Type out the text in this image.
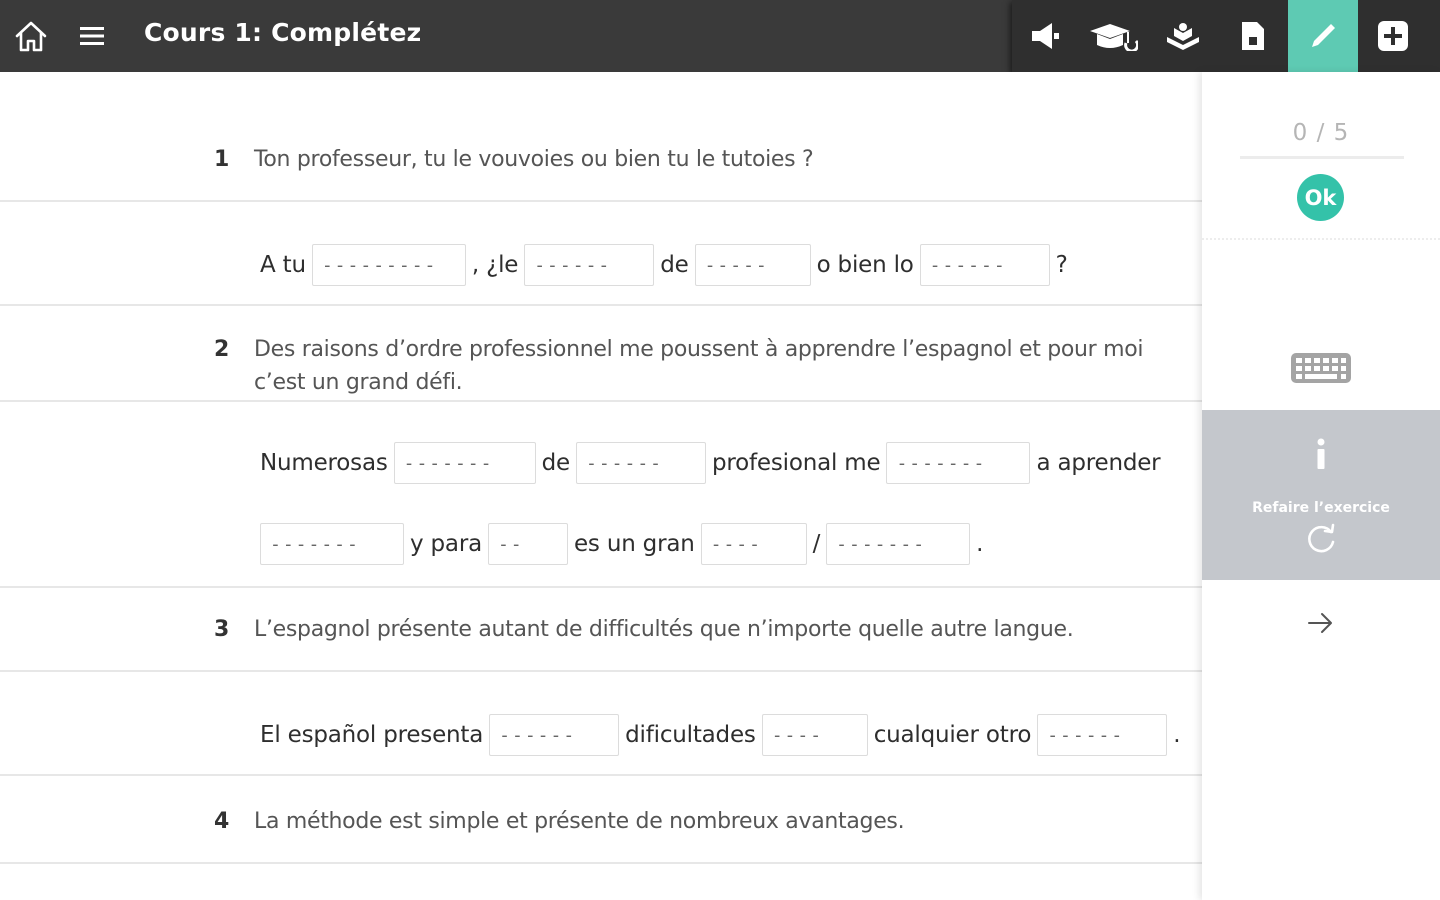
Cours 1: Complétez
1 Ton professeur, tu le vouvoies ou bien tu le tutoies ?
A tu ---------	, ¿le ------	de -----	o bien lo ------	?
2 Des raisons d’ordre professionnel me poussent à apprendre l’espagnol et pour moi c’est un grand défi.
Numerosas -------	de ------	profesional me -------	a aprender
-------	y para --	es un gran ----	/ -------	.
3 L’espagnol présente autant de difficultés que n’importe quelle autre langue.
El español presenta ------	dificultades ----	cualquier otro ------	.
4 La méthode est simple et présente de nombreux avantages.
0 / 5
Ok
Refaire l’exercice
